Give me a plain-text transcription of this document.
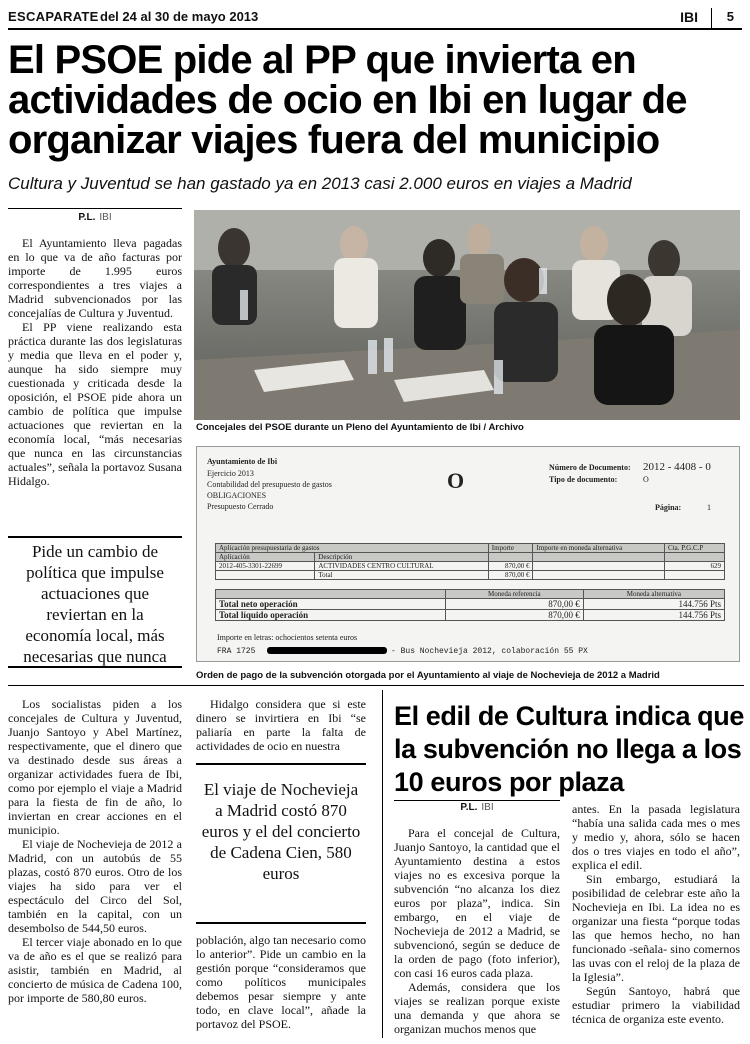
ESCAPARATE del 24 al 30 de mayo 2013	IBI 5
El PSOE pide al PP que invierta en actividades de ocio en Ibi en lugar de organizar viajes fuera del municipio
Cultura y Juventud se han gastado ya en 2013 casi 2.000 euros en viajes a Madrid
P.L. IBI

El Ayuntamiento lleva pagadas en lo que va de año facturas por importe de 1.995 euros correspondientes a tres viajes a Madrid subvencionados por las concejalías de Cultura y Juventud.

El PP viene realizando esta práctica durante las dos legislaturas y media que lleva en el poder y, aunque ha sido siempre muy cuestionada y criticada desde la oposición, el PSOE pide ahora un cambio de política que impulse actuaciones que reviertan en la economía local, “más necesarias que nunca en las circunstancias actuales”, señala la portavoz Susana Hidalgo.

Pide un cambio de política que impulse actuaciones que reviertan en la economía local, más necesarias que nunca
Concejales del PSOE durante un Pleno del Ayuntamiento de Ibi / Archivo
Ayuntamiento de Ibi
Ejercicio 2013
Contabilidad del presupuesto de gastos
OBLIGACIONES
Presupuesto Cerrado
O
Número de Documento: 2012 - 4408 - 0
Tipo de documento:	O
Página:	1
Aplicación presupuestaria de gastos		Importe	Importe en moneda alternativa	Cta. P.G.C.P
Aplicación	Descripción			
2012-405-3301-22699	ACTIVIDADES CENTRO CULTURAL	870,00 €		629
	Total	870,00 €		
	Moneda referencia	Moneda alternativa
Total neto operación	870,00 €	144.756 Pts
Total líquido operación	870,00 €	144.756 Pts
Importe en letras: ochocientos setenta euros
FRA 1725	- Bus Nochevieja 2012, colaboración 55 PX
Orden de pago de la subvención otorgada por el Ayuntamiento al viaje de Nochevieja de 2012 a Madrid

Los socialistas piden a los concejales de Cultura y Juventud, Juanjo Santoyo y Abel Martínez, respectivamente, que el dinero que va destinado desde sus áreas a organizar actividades fuera de Ibi, como por ejemplo el viaje a Madrid para la fiesta de fin de año, lo inviertan en crear acciones en el municipio.

El viaje de Nochevieja de 2012 a Madrid, con un autobús de 55 plazas, costó 870 euros. Otro de los viajes ha sido para ver el espectáculo del Circo del Sol, también en la capital, con un desembolso de 544,50 euros.

El tercer viaje abonado en lo que va de año es el que se realizó para asistir, también en Madrid, al concierto de música de Cadena 100, por importe de 580,80 euros.

Hidalgo considera que si este dinero se invirtiera en Ibi “se paliaría en parte la falta de actividades de ocio en nuestra

El viaje de Nochevieja a Madrid costó 870 euros y el del concierto de Cadena Cien, 580 euros

población, algo tan necesario como lo anterior”. Pide un cambio en la gestión porque “consideramos que como políticos municipales debemos pesar siempre y ante todo, en clave local”, añade la portavoz del PSOE.

El edil de Cultura indica que la subvención no llega a los 10 euros por plaza
P.L. IBI

Para el concejal de Cultura, Juanjo Santoyo, la cantidad que el Ayuntamiento destina a estos viajes no es excesiva porque la subvención “no alcanza los diez euros por plaza”, indica. Sin embargo, en el viaje de Nochevieja de 2012 a Madrid, se subvencionó, según se deduce de la orden de pago (foto inferior), con casi 16 euros cada plaza.

Además, considera que los viajes se realizan porque existe una demanda y que ahora se organizan muchos menos que

antes. En la pasada legislatura “había una salida cada mes o mes y medio y, ahora, sólo se hacen dos o tres viajes en todo el año”, explica el edil.

Sin embargo, estudiará la posibilidad de celebrar este año la Nochevieja en Ibi. La idea no es organizar una fiesta “porque todas las que hemos hecho, no han funcionado -señala- sino comernos las uvas con el reloj de la plaza de la Iglesia”.

Según Santoyo, habrá que estudiar primero la viabilidad técnica de organiza este evento.
